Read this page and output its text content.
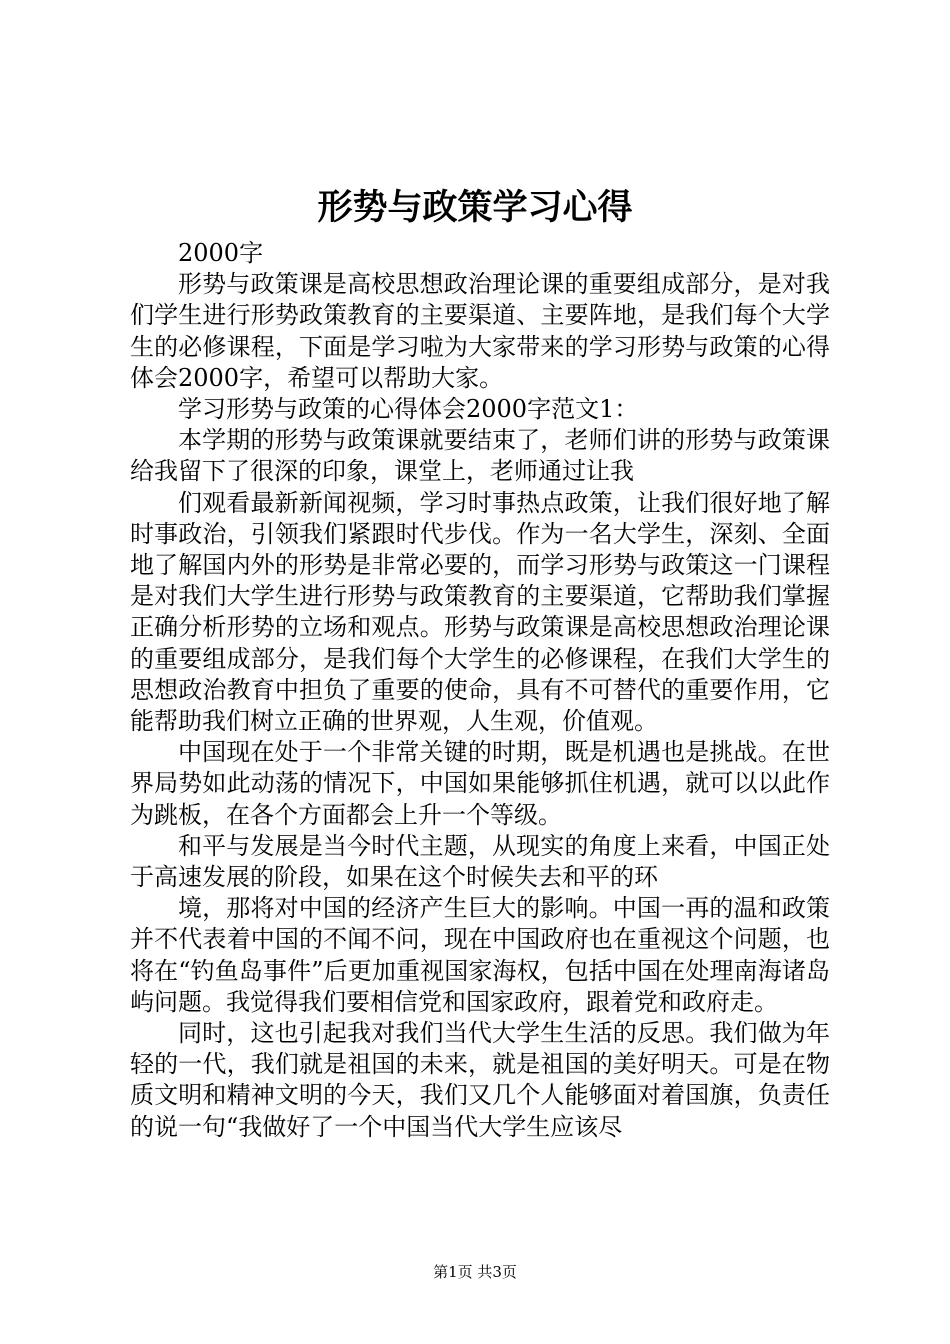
形势与政策学习心得

2000字

形势与政策课是高校思想政治理论课的重要组成部分，是对我们学生进行形势政策教育的主要渠道、主要阵地，是我们每个大学生的必修课程，下面是学习啦为大家带来的学习形势与政策的心得体会2000字，希望可以帮助大家。

学习形势与政策的心得体会2000字范文1：

本学期的形势与政策课就要结束了，老师们讲的形势与政策课给我留下了很深的印象，课堂上，老师通过让我

们观看最新新闻视频，学习时事热点政策，让我们很好地了解时事政治，引领我们紧跟时代步伐。作为一名大学生，深刻、全面地了解国内外的形势是非常必要的，而学习形势与政策这一门课程是对我们大学生进行形势与政策教育的主要渠道，它帮助我们掌握正确分析形势的立场和观点。形势与政策课是高校思想政治理论课的重要组成部分，是我们每个大学生的必修课程，在我们大学生的思想政治教育中担负了重要的使命，具有不可替代的重要作用，它能帮助我们树立正确的世界观，人生观，价值观。

中国现在处于一个非常关键的时期，既是机遇也是挑战。在世界局势如此动荡的情况下，中国如果能够抓住机遇，就可以以此作为跳板，在各个方面都会上升一个等级。

和平与发展是当今时代主题，从现实的角度上来看，中国正处于高速发展的阶段，如果在这个时候失去和平的环

境，那将对中国的经济产生巨大的影响。中国一再的温和政策并不代表着中国的不闻不问，现在中国政府也在重视这个问题，也将在“钓鱼岛事件”后更加重视国家海权，包括中国在处理南海诸岛屿问题。我觉得我们要相信党和国家政府，跟着党和政府走。

同时，这也引起我对我们当代大学生生活的反思。我们做为年轻的一代，我们就是祖国的未来，就是祖国的美好明天。可是在物质文明和精神文明的今天，我们又几个人能够面对着国旗，负责任的说一句“我做好了一个中国当代大学生应该尽

第1页 共3页
